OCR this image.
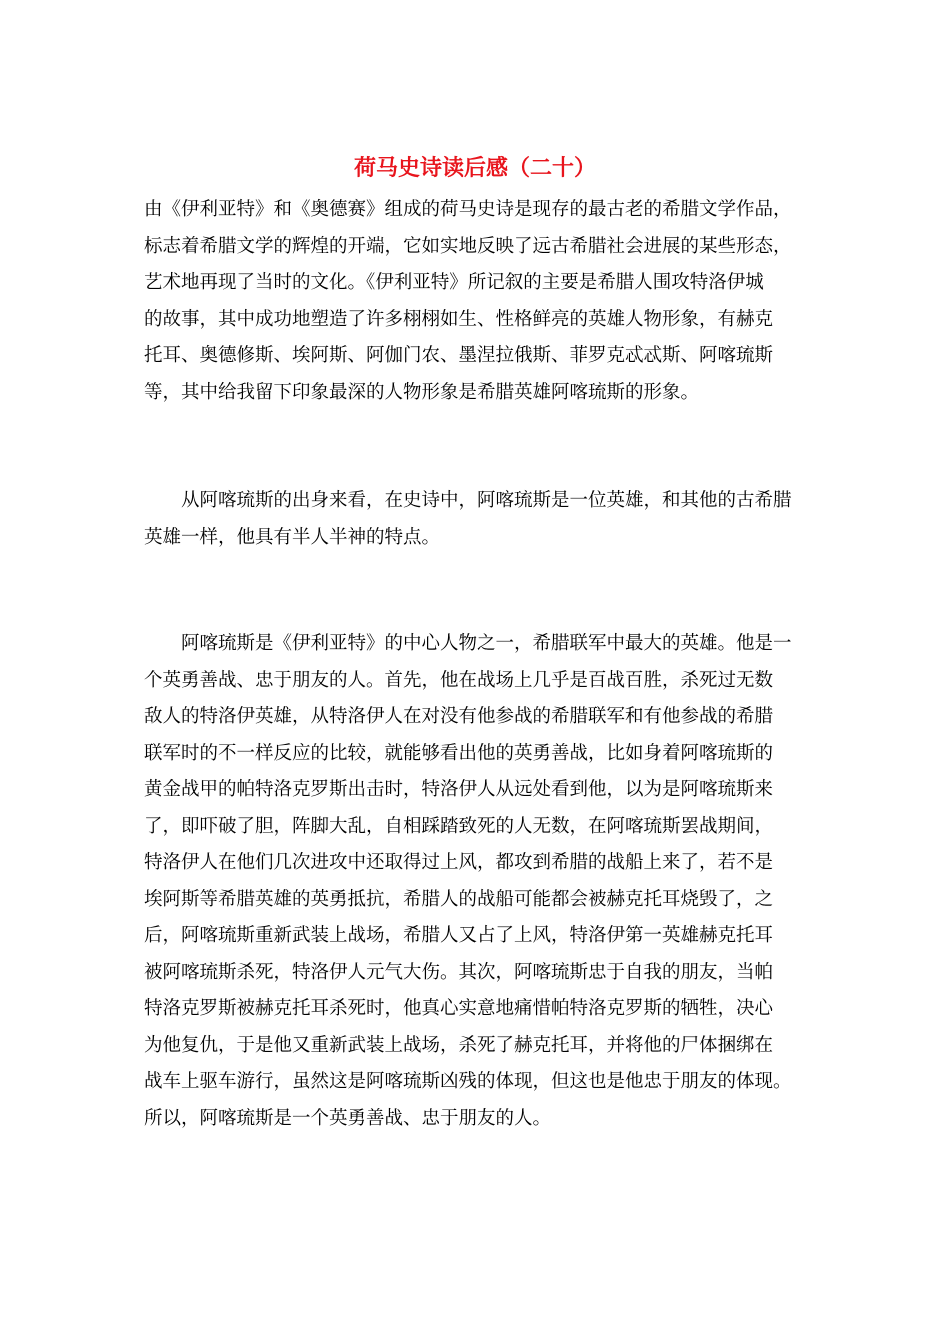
荷马史诗读后感（二十）
由《伊利亚特》和《奥德赛》组成的荷马史诗是现存的最古老的希腊文学作品，
标志着希腊文学的辉煌的开端，它如实地反映了远古希腊社会进展的某些形态，
艺术地再现了当时的文化。《伊利亚特》所记叙的主要是希腊人围攻特洛伊城
的故事，其中成功地塑造了许多栩栩如生、性格鲜亮的英雄人物形象，有赫克
托耳、奥德修斯、埃阿斯、阿伽门农、墨涅拉俄斯、菲罗克忒忒斯、阿喀琉斯
等，其中给我留下印象最深的人物形象是希腊英雄阿喀琉斯的形象。
　　从阿喀琉斯的出身来看，在史诗中，阿喀琉斯是一位英雄，和其他的古希腊
英雄一样，他具有半人半神的特点。
　　阿喀琉斯是《伊利亚特》的中心人物之一，希腊联军中最大的英雄。他是一
个英勇善战、忠于朋友的人。首先，他在战场上几乎是百战百胜，杀死过无数
敌人的特洛伊英雄，从特洛伊人在对没有他参战的希腊联军和有他参战的希腊
联军时的不一样反应的比较，就能够看出他的英勇善战，比如身着阿喀琉斯的
黄金战甲的帕特洛克罗斯出击时，特洛伊人从远处看到他，以为是阿喀琉斯来
了，即吓破了胆，阵脚大乱，自相踩踏致死的人无数，在阿喀琉斯罢战期间，
特洛伊人在他们几次进攻中还取得过上风，都攻到希腊的战船上来了，若不是
埃阿斯等希腊英雄的英勇抵抗，希腊人的战船可能都会被赫克托耳烧毁了，之
后，阿喀琉斯重新武装上战场，希腊人又占了上风，特洛伊第一英雄赫克托耳
被阿喀琉斯杀死，特洛伊人元气大伤。其次，阿喀琉斯忠于自我的朋友，当帕
特洛克罗斯被赫克托耳杀死时，他真心实意地痛惜帕特洛克罗斯的牺牲，决心
为他复仇，于是他又重新武装上战场，杀死了赫克托耳，并将他的尸体捆绑在
战车上驱车游行，虽然这是阿喀琉斯凶残的体现，但这也是他忠于朋友的体现。
所以，阿喀琉斯是一个英勇善战、忠于朋友的人。
